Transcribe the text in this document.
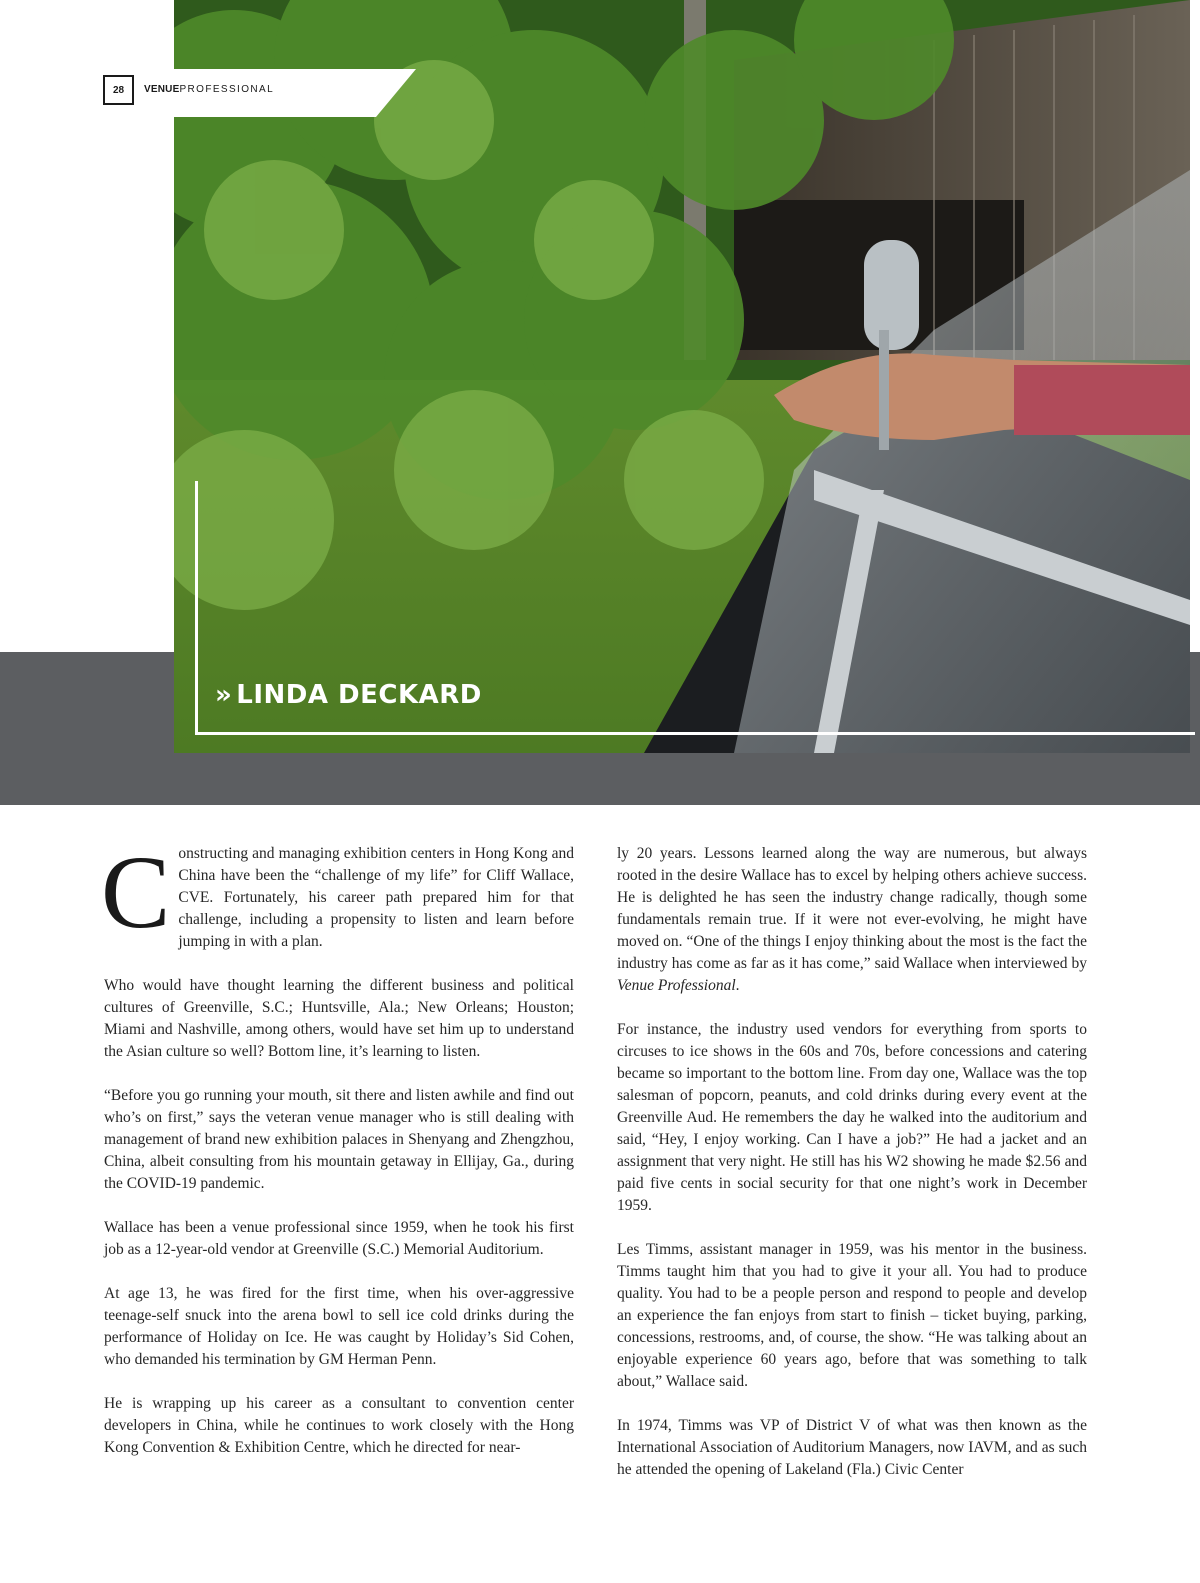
28	VENUEPROFESSIONAL
» LINDA DECKARD

Constructing and managing exhibition centers in Hong Kong and China have been the “challenge of my life” for Cliff Wallace, CVE. Fortunately, his career path prepared him for that challenge, including a propensity to listen and learn before jumping in with a plan.

Who would have thought learning the different business and political cultures of Greenville, S.C.; Huntsville, Ala.; New Orleans; Houston; Miami and Nashville, among others, would have set him up to understand the Asian culture so well? Bottom line, it’s learning to listen.

“Before you go running your mouth, sit there and listen awhile and find out who’s on first,” says the veteran venue manager who is still dealing with management of brand new exhibition palaces in Shenyang and Zhengzhou, China, albeit consulting from his mountain getaway in Ellijay, Ga., during the COVID-19 pandemic.

Wallace has been a venue professional since 1959, when he took his first job as a 12-year-old vendor at Greenville (S.C.) Memorial Auditorium.

At age 13, he was fired for the first time, when his over-aggressive teenage-self snuck into the arena bowl to sell ice cold drinks during the performance of Holiday on Ice. He was caught by Holiday’s Sid Cohen, who demanded his termination by GM Herman Penn.

He is wrapping up his career as a consultant to convention center developers in China, while he continues to work closely with the Hong Kong Convention & Exhibition Centre, which he directed for near-

ly 20 years. Lessons learned along the way are numerous, but always rooted in the desire Wallace has to excel by helping others achieve success. He is delighted he has seen the industry change radically, though some fundamentals remain true. If it were not ever-evolving, he might have moved on. “One of the things I enjoy thinking about the most is the fact the industry has come as far as it has come,” said Wallace when interviewed by Venue Professional.

For instance, the industry used vendors for everything from sports to circuses to ice shows in the 60s and 70s, before concessions and catering became so important to the bottom line. From day one, Wallace was the top salesman of popcorn, peanuts, and cold drinks during every event at the Greenville Aud. He remembers the day he walked into the auditorium and said, “Hey, I enjoy working. Can I have a job?” He had a jacket and an assignment that very night. He still has his W2 showing he made $2.56 and paid five cents in social security for that one night’s work in December 1959.

Les Timms, assistant manager in 1959, was his mentor in the business. Timms taught him that you had to give it your all. You had to produce quality. You had to be a people person and respond to people and develop an experience the fan enjoys from start to finish – ticket buying, parking, concessions, restrooms, and, of course, the show. “He was talking about an enjoyable experience 60 years ago, before that was something to talk about,” Wallace said.

In 1974, Timms was VP of District V of what was then known as the International Association of Auditorium Managers, now IAVM, and as such he attended the opening of Lakeland (Fla.) Civic Center
